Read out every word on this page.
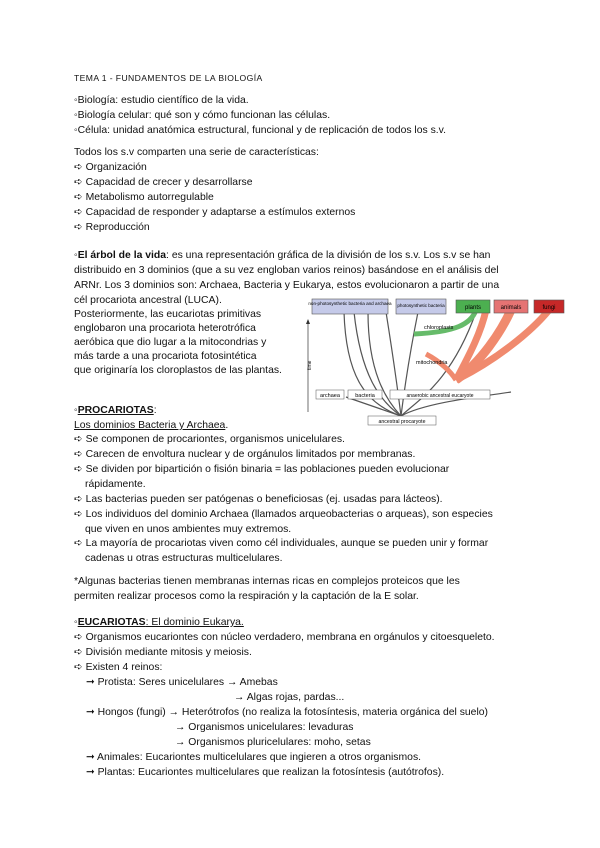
TEMA 1 - FUNDAMENTOS DE LA BIOLOGÍA
◦Biología: estudio científico de la vida.
◦Biología celular: qué son y cómo funcionan las células.
◦Célula: unidad anatómica estructural, funcional y de replicación de todos los s.v.
Todos los s.v comparten una serie de características:
➪ Organización
➪ Capacidad de crecer y desarrollarse
➪ Metabolismo autorregulable
➪ Capacidad de responder y adaptarse a estímulos externos
➪ Reproducción
◦El árbol de la vida: es una representación gráfica de la división de los s.v. Los s.v se han
distribuido en 3 dominios (que a su vez engloban varios reinos) basándose en el análisis del
ARNr. Los 3 dominios son: Archaea, Bacteria y Eukarya, estos evolucionaron a partir de una
cél procariota ancestral (LUCA).
Posteriormente, las eucariotas primitivas
englobaron una procariota heterotrófica
aeróbica que dio lugar a la mitocondrias y
más tarde a una procariota fotosintética
que originaría los cloroplastos de las plantas.
non-photosynthetic bacteria and archaea photosynthetic bacteria	plants	animals	fungi
chloroplasts
mitochondria
archaea	bacteria	anaerobic ancestral eucaryote
ancestral procaryote
time
◦PROCARIOTAS:
Los dominios Bacteria y Archaea.
➪ Se componen de procariontes, organismos unicelulares.
➪ Carecen de envoltura nuclear y de orgánulos limitados por membranas.
➪ Se dividen por bipartición o fisión binaria = las poblaciones pueden evolucionar
rápidamente.
➪ Las bacterias pueden ser patógenas o beneficiosas (ej. usadas para lácteos).
➪ Los individuos del dominio Archaea (llamados arqueobacterias o arqueas), son especies
que viven en unos ambientes muy extremos.
➪ La mayoría de procariotas viven como cél individuales, aunque se pueden unir y formar
cadenas u otras estructuras multicelulares.
*Algunas bacterias tienen membranas internas ricas en complejos proteicos que les
permiten realizar procesos como la respiración y la captación de la E solar.
◦EUCARIOTAS: El dominio Eukarya.
➪ Organismos eucariontes con núcleo verdadero, membrana en orgánulos y citoesqueleto.
➪ División mediante mitosis y meiosis.
➪ Existen 4 reinos:
➞ Protista: Seres unicelulares → Amebas
→ Algas rojas, pardas...
➞ Hongos (fungi) → Heterótrofos (no realiza la fotosíntesis, materia orgánica del suelo)
→ Organismos unicelulares: levaduras
→ Organismos pluricelulares: moho, setas
➞ Animales: Eucariontes multicelulares que ingieren a otros organismos.
➞ Plantas: Eucariontes multicelulares que realizan la fotosíntesis (autótrofos).
